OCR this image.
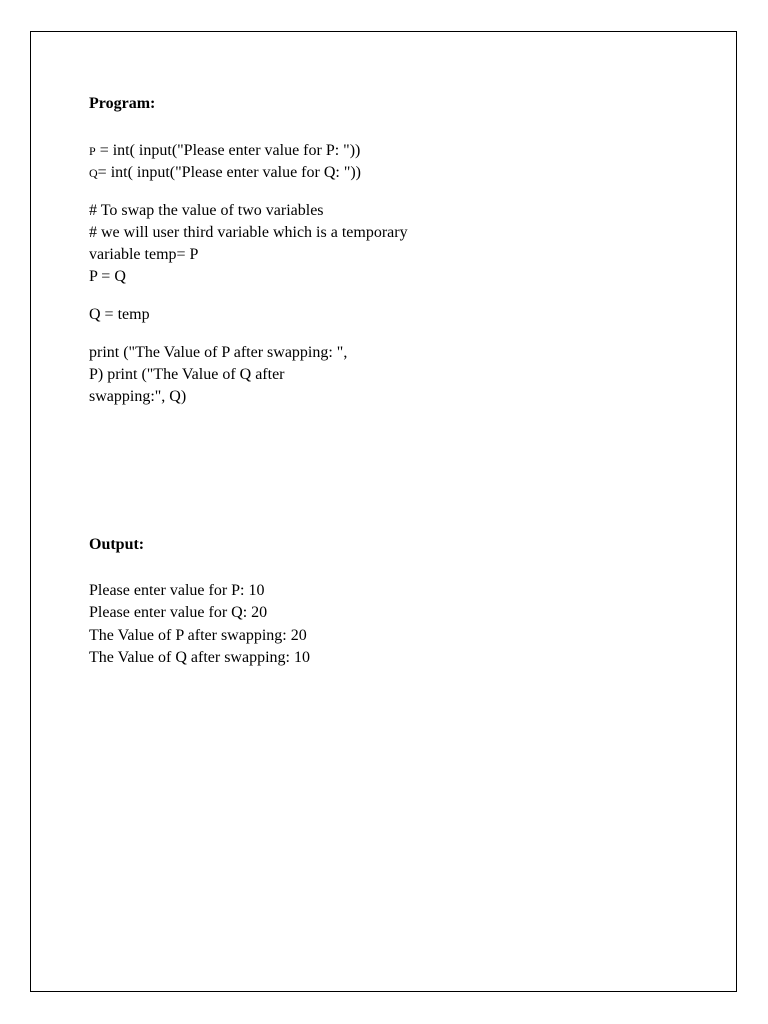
Program:
P = int( input("Please enter value for P: "))
Q= int( input("Please enter value for Q: "))
# To swap the value of two variables
# we will user third variable which is a temporary
variable temp= P
P = Q
Q = temp
print ("The Value of P after swapping: ",
P) print ("The Value of Q after
swapping:", Q)
Output:
Please enter value for P: 10
Please enter value for Q: 20
The Value of P after swapping: 20
The Value of Q after swapping: 10
